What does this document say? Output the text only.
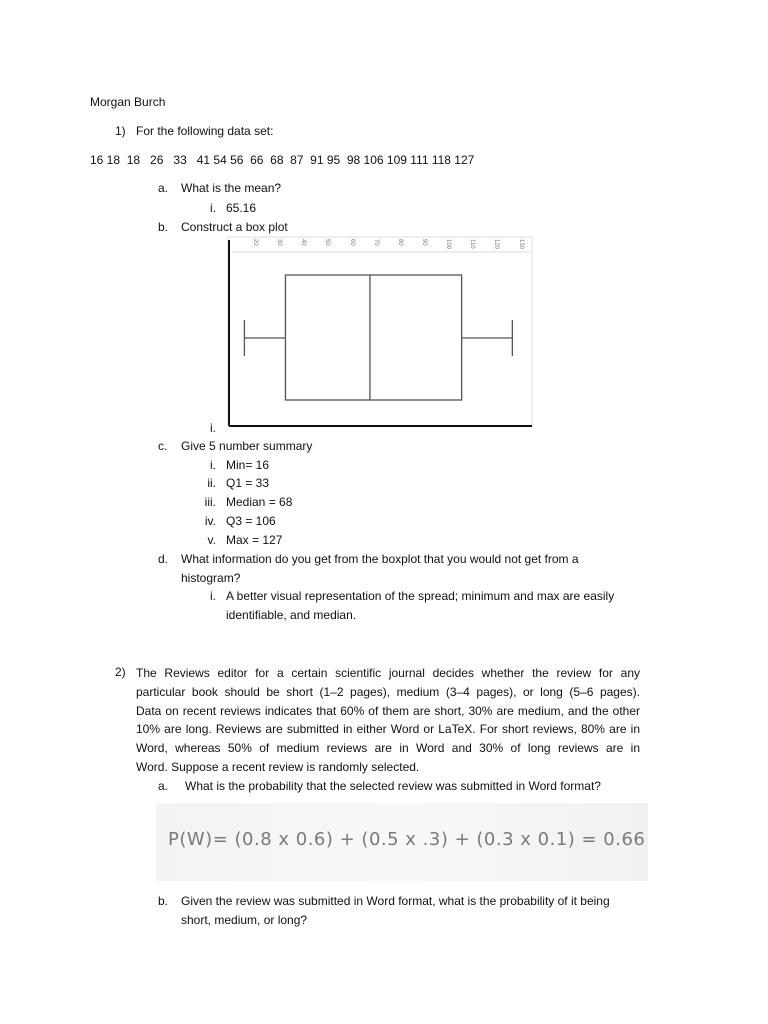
Morgan Burch
1) For the following data set:
16 18  18   26   33   41 54 56  66  68  87  91 95  98 106 109 111 118 127
a. What is the mean?
i. 65.16
b. Construct a box plot
20	30	40	50	60	70	80	90	100	110	120	130
i.
c. Give 5 number summary
i. Min= 16
ii. Q1 = 33
iii. Median = 68
iv. Q3 = 106
v. Max = 127
d. What information do you get from the boxplot that you would not get from a
histogram?
i. A better visual representation of the spread; minimum and max are easily
identifiable, and median.
2) The Reviews editor for a certain scientific journal decides whether the review for any
particular book should be short (1–2 pages), medium (3–4 pages), or long (5–6 pages).
Data on recent reviews indicates that 60% of them are short, 30% are medium, and the other
10% are long. Reviews are submitted in either Word or LaTeX. For short reviews, 80% are in
Word, whereas 50% of medium reviews are in Word and 30% of long reviews are in
Word. Suppose a recent review is randomly selected.
a. What is the probability that the selected review was submitted in Word format?
P(W)= (0.8 x 0.6) + (0.5 x .3) + (0.3 x 0.1) = 0.66
b. Given the review was submitted in Word format, what is the probability of it being
short, medium, or long?
